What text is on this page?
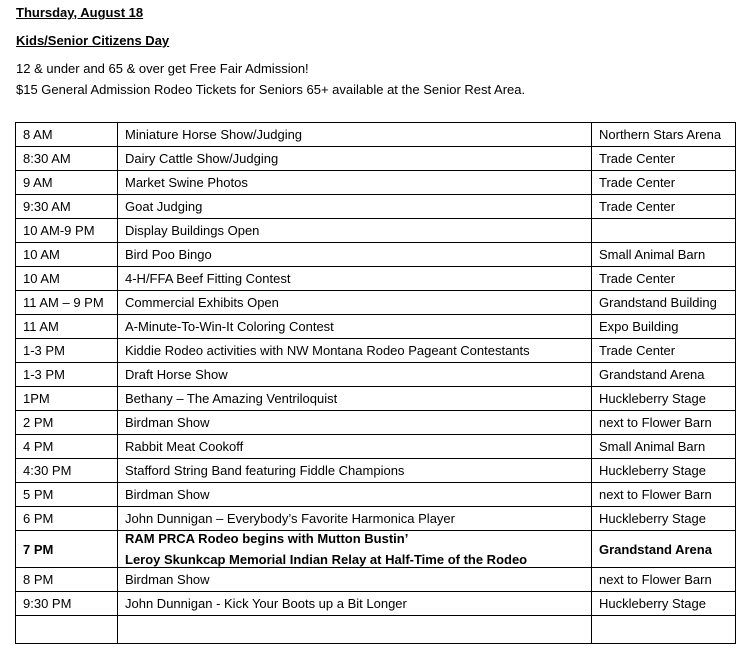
Thursday, August 18
Kids/Senior Citizens Day
12 & under and 65 & over get Free Fair Admission!
$15 General Admission Rodeo Tickets for Seniors 65+ available at the Senior Rest Area.
8 AM	Miniature Horse Show/Judging	Northern Stars Arena
8:30 AM	Dairy Cattle Show/Judging	Trade Center
9 AM	Market Swine Photos	Trade Center
9:30 AM	Goat Judging	Trade Center
10 AM-9 PM	Display Buildings Open	
10 AM	Bird Poo Bingo	Small Animal Barn
10 AM	4-H/FFA Beef Fitting Contest	Trade Center
11 AM – 9 PM	Commercial Exhibits Open	Grandstand Building
11 AM	A-Minute-To-Win-It Coloring Contest	Expo Building
1-3 PM	Kiddie Rodeo activities with NW Montana Rodeo Pageant Contestants	Trade Center
1-3 PM	Draft Horse Show	Grandstand Arena
1PM	Bethany – The Amazing Ventriloquist	Huckleberry Stage
2 PM	Birdman Show	next to Flower Barn
4 PM	Rabbit Meat Cookoff	Small Animal Barn
4:30 PM	Stafford String Band featuring Fiddle Champions	Huckleberry Stage
5 PM	Birdman Show	next to Flower Barn
6 PM	John Dunnigan – Everybody’s Favorite Harmonica Player	Huckleberry Stage
7 PM	RAM PRCA Rodeo begins with Mutton Bustin’
Leroy Skunkcap Memorial Indian Relay at Half-Time of the Rodeo	Grandstand Arena
8 PM	Birdman Show	next to Flower Barn
9:30 PM	John Dunnigan - Kick Your Boots up a Bit Longer	Huckleberry Stage
